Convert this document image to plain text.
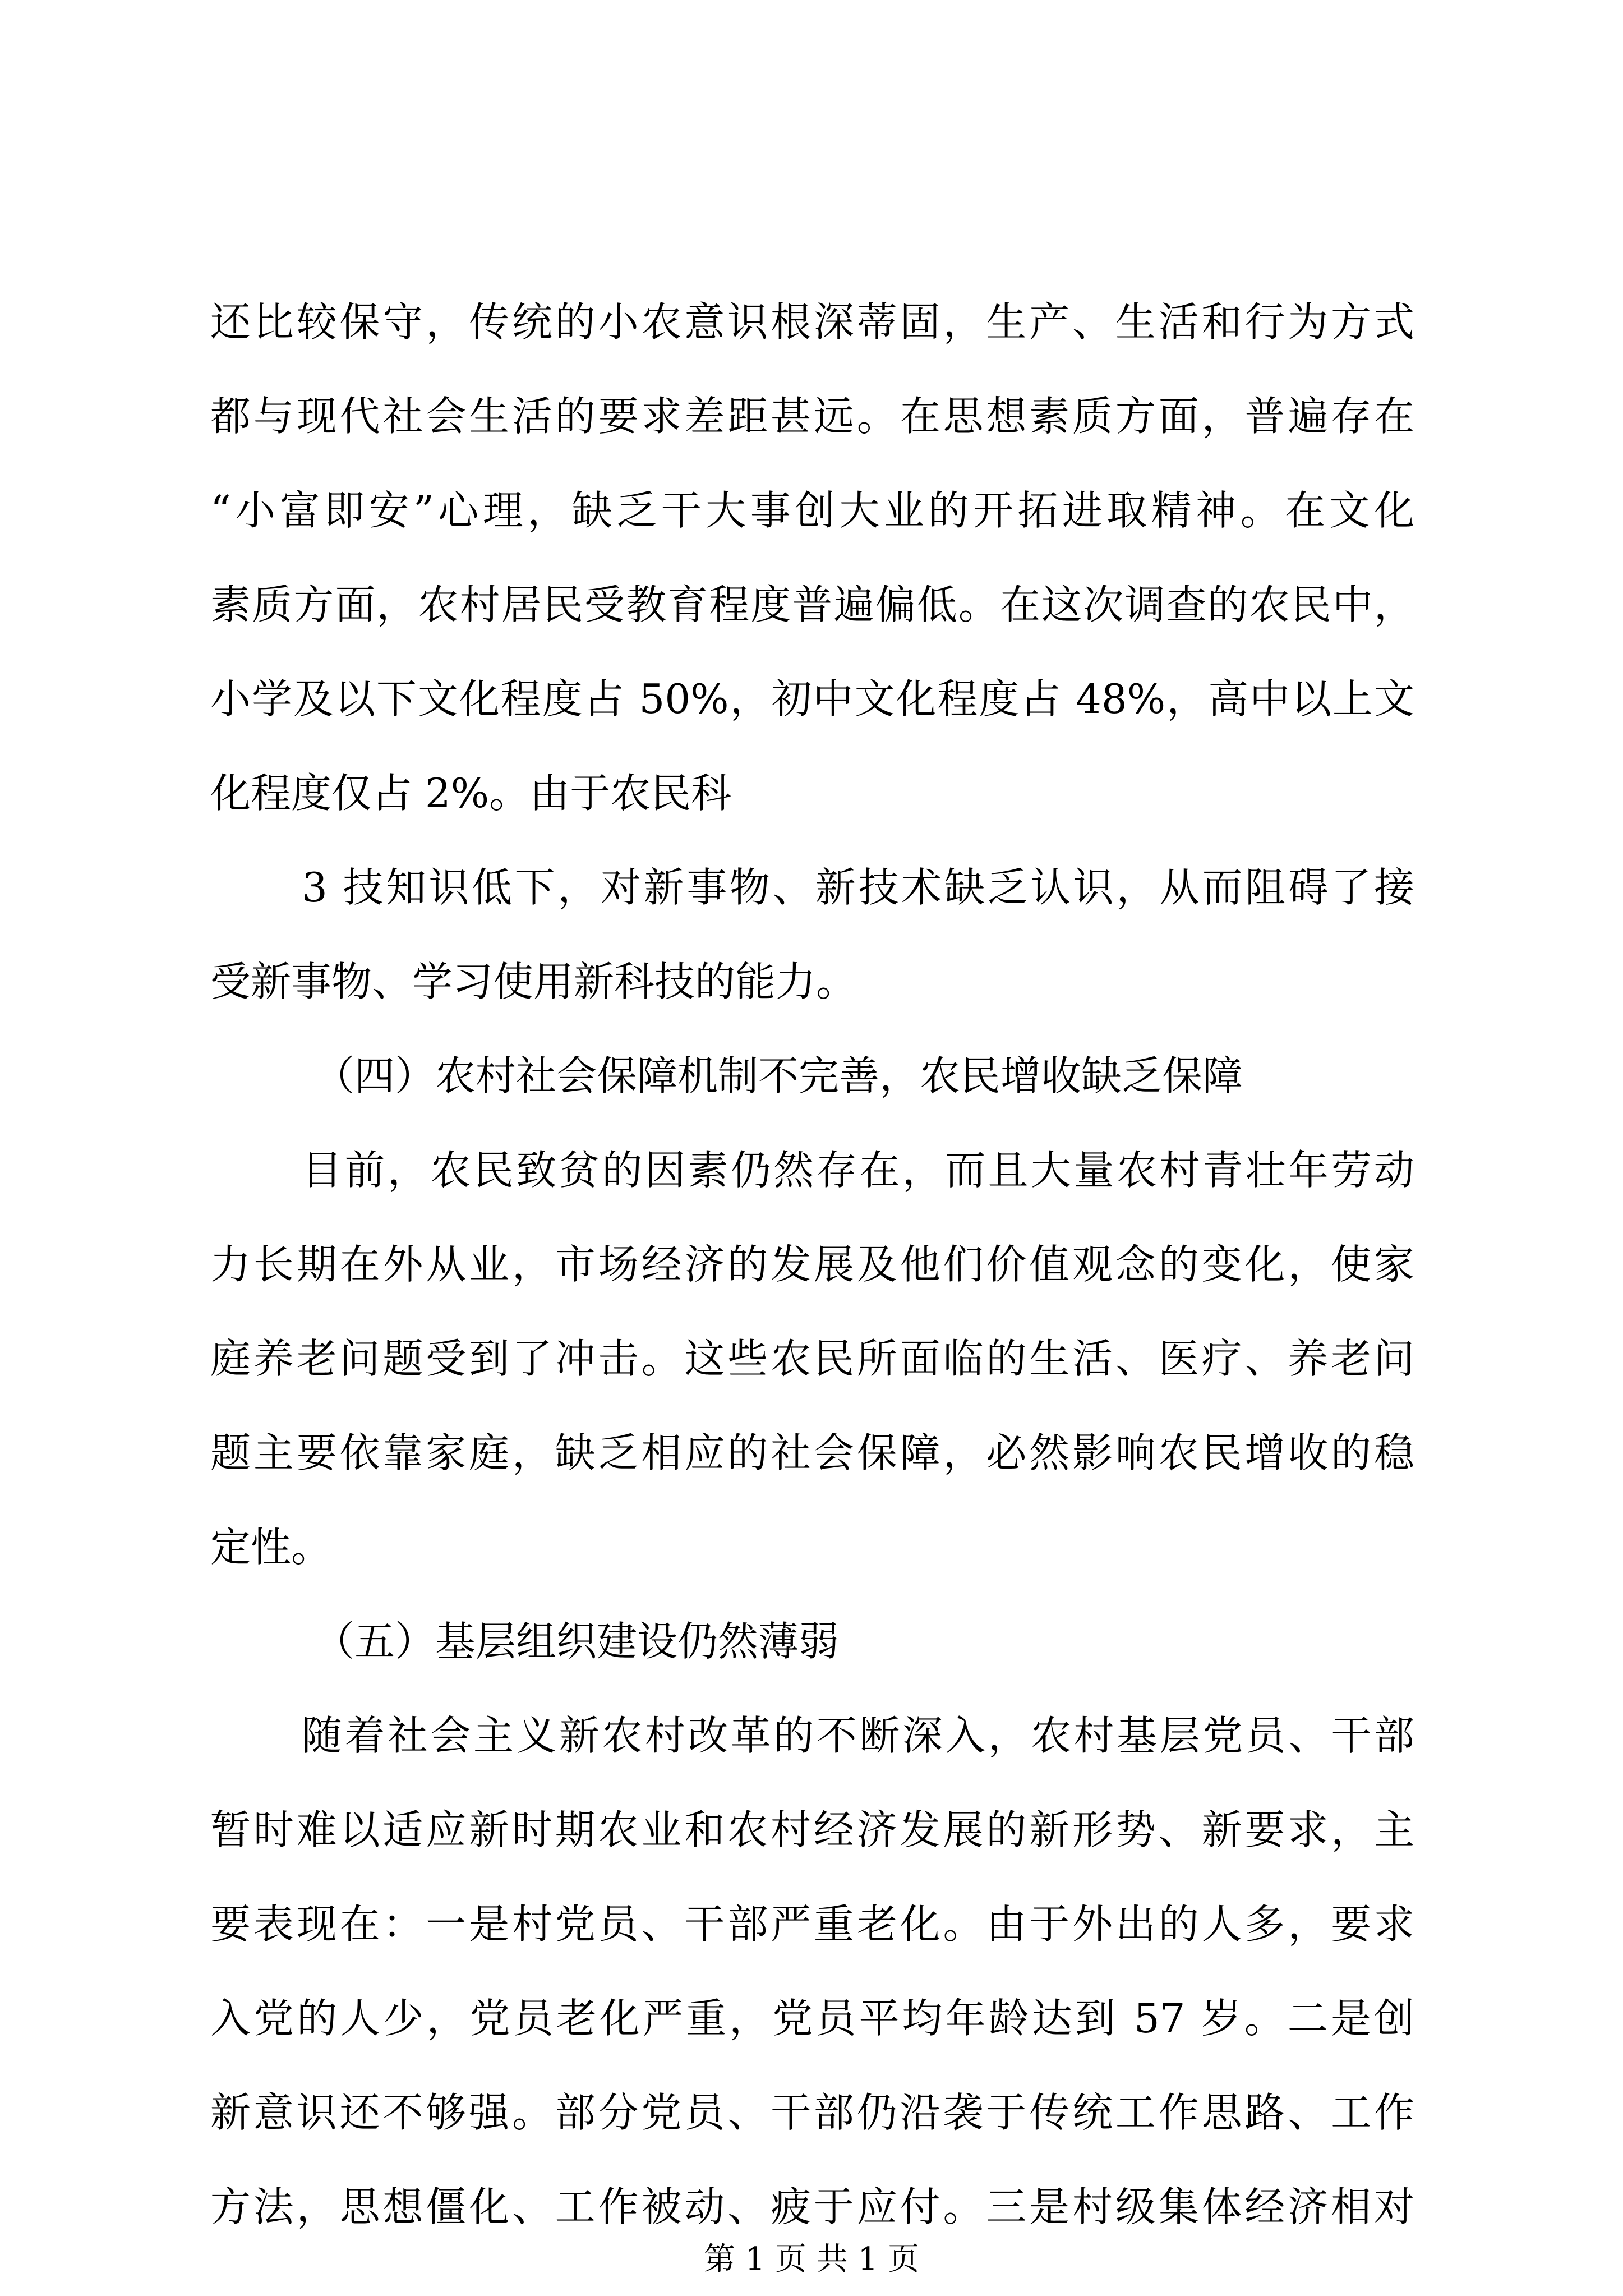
还比较保守，传统的小农意识根深蒂固，生产、生活和行为方式
都与现代社会生活的要求差距甚远。在思想素质方面，普遍存在
“小富即安”心理，缺乏干大事创大业的开拓进取精神。在文化
素质方面，农村居民受教育程度普遍偏低。在这次调查的农民中，
小学及以下文化程度占 50%，初中文化程度占 48%，高中以上文
化程度仅占 2%。由于农民科
3 技知识低下，对新事物、新技术缺乏认识，从而阻碍了接
受新事物、学习使用新科技的能力。
（四）农村社会保障机制不完善，农民增收缺乏保障
目前，农民致贫的因素仍然存在，而且大量农村青壮年劳动
力长期在外从业，市场经济的发展及他们价值观念的变化，使家
庭养老问题受到了冲击。这些农民所面临的生活、医疗、养老问
题主要依靠家庭，缺乏相应的社会保障，必然影响农民增收的稳
定性。
（五）基层组织建设仍然薄弱
随着社会主义新农村改革的不断深入，农村基层党员、干部
暂时难以适应新时期农业和农村经济发展的新形势、新要求，主
要表现在：一是村党员、干部严重老化。由于外出的人多，要求
入党的人少，党员老化严重，党员平均年龄达到 57 岁。二是创
新意识还不够强。部分党员、干部仍沿袭于传统工作思路、工作
方法，思想僵化、工作被动、疲于应付。三是村级集体经济相对
第 1 页 共 1 页
